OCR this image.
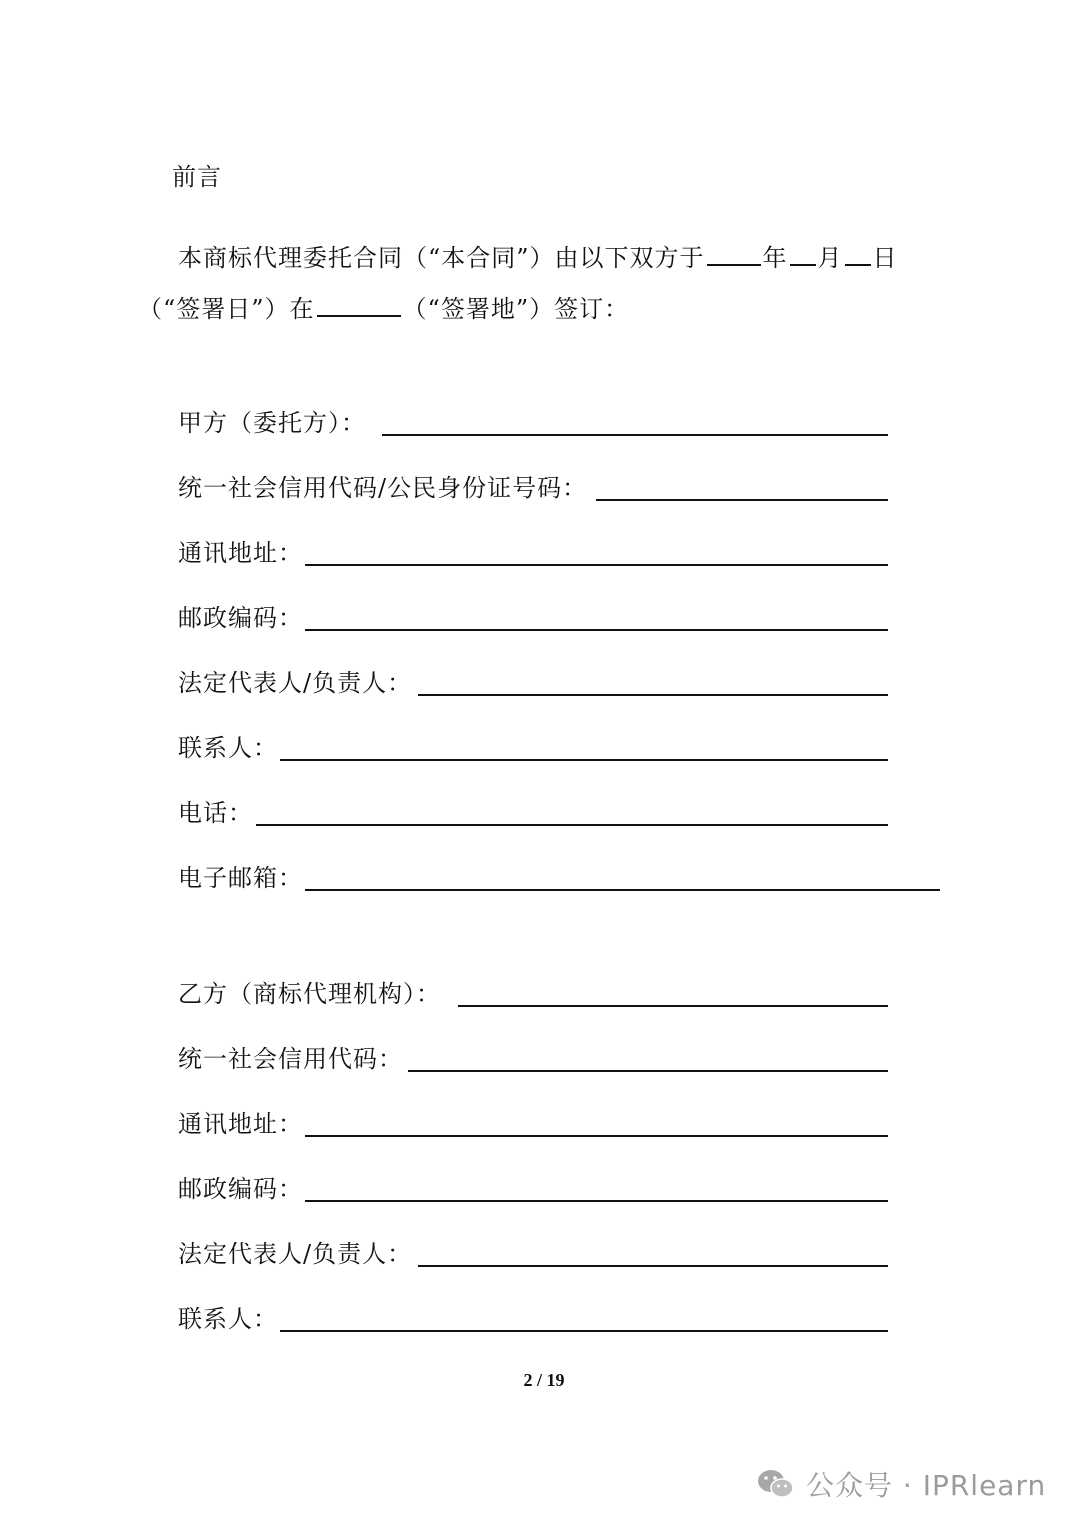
前言
本商标代理委托合同（“本合同”）由以下双方于 年 月 日
（“签署日”）在	（“签署地”）签订：
甲方（委托方）：
统一社会信用代码/公民身份证号码：
通讯地址：
邮政编码：
法定代表人/负责人：
联系人：
电话：
电子邮箱：
乙方（商标代理机构）：
统一社会信用代码：
通讯地址：
邮政编码：
法定代表人/负责人：
联系人：
2 / 19
公众号 · IPRlearn
